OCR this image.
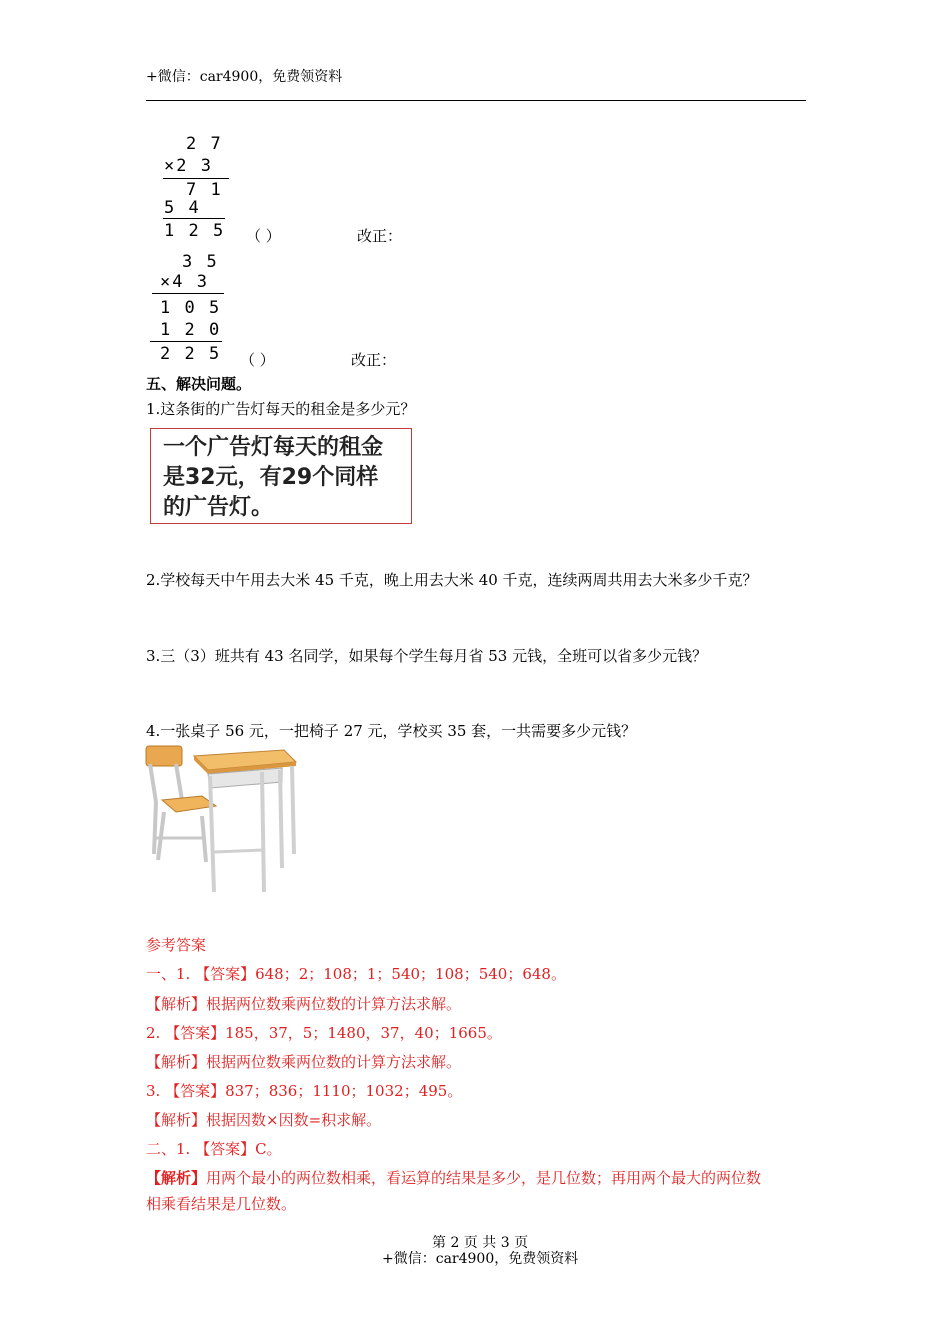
+微信：car4900，免费领资料
2 7
×2 3
7 1
5 4
1 2 5 （ ）	改正：
3 5
×4 3
1 0 5
1 2 0
2 2 5 （ ）	改正：
五、解决问题。
1.这条街的广告灯每天的租金是多少元？
一个广告灯每天的租金
是32元，有29个同样
的广告灯。
2.学校每天中午用去大米 45 千克，晚上用去大米 40 千克，连续两周共用去大米多少千克？
3.三（3）班共有 43 名同学，如果每个学生每月省 53 元钱，全班可以省多少元钱？
4.一张桌子 56 元，一把椅子 27 元，学校买 35 套，一共需要多少元钱？
参考答案
一、1. 【答案】648；2；108；1；540；108；540；648。
【解析】根据两位数乘两位数的计算方法求解。
2. 【答案】185，37，5；1480，37，40；1665。
【解析】根据两位数乘两位数的计算方法求解。
3. 【答案】837；836；1110；1032；495。
【解析】根据因数×因数=积求解。
二、1. 【答案】C。
【解析】用两个最小的两位数相乘，看运算的结果是多少，是几位数；再用两个最大的两位数
相乘看结果是几位数。
第 2 页 共 3 页
+微信：car4900，免费领资料
